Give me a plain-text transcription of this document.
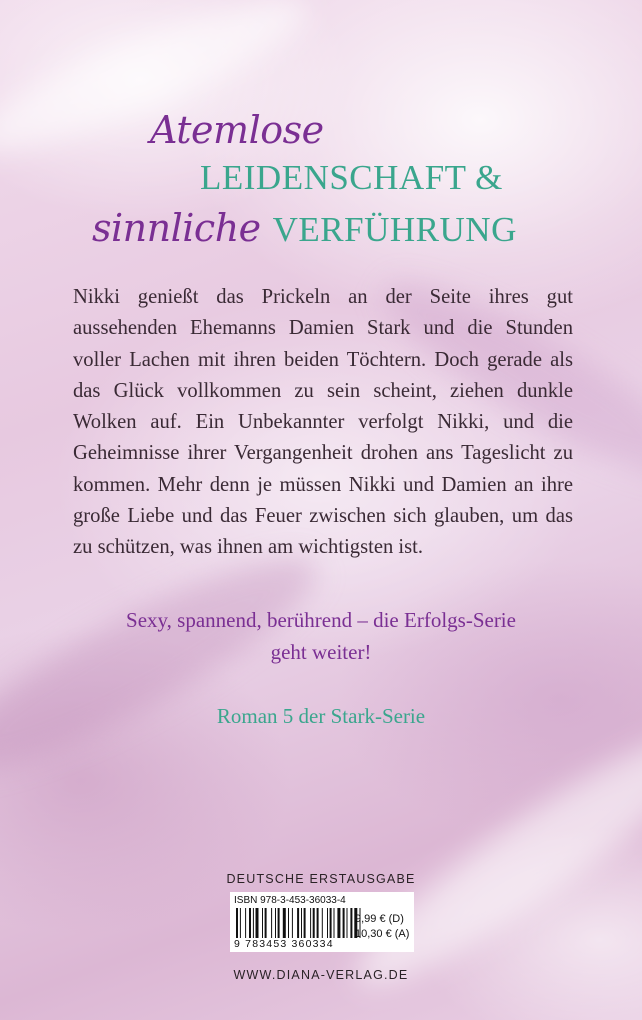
Atemlose
LEIDENSCHAFT &
sinnliche VERFÜHRUNG

Nikki genießt das Prickeln an der Seite ihres gut aussehenden Ehemanns Damien Stark und die Stunden voller Lachen mit ihren beiden Töchtern. Doch gerade als das Glück vollkommen zu sein scheint, ziehen dunkle Wolken auf. Ein Unbekannter verfolgt Nikki, und die Geheimnisse ihrer Vergangenheit drohen ans Tageslicht zu kommen. Mehr denn je müssen Nikki und Damien an ihre große Liebe und das Feuer zwischen sich glauben, um das zu schützen, was ihnen am wichtigsten ist.

Sexy, spannend, berührend – die Erfolgs-Serie
geht weiter!
Roman 5 der Stark-Serie
DEUTSCHE ERSTAUSGABE
ISBN 978-3-453-36033-4
9 783453 360334
9,99 € (D)
10,30 € (A)
WWW.DIANA-VERLAG.DE
